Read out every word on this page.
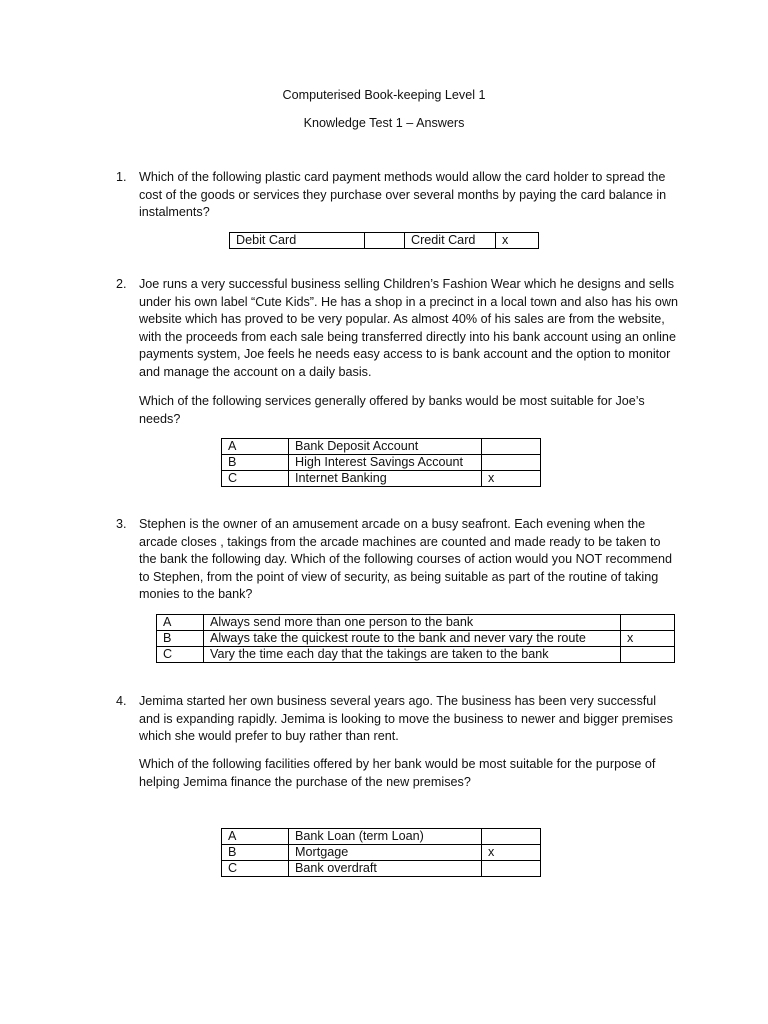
Computerised Book-keeping Level 1
Knowledge Test 1 – Answers
1. Which of the following plastic card payment methods would allow the card holder to spread the cost of the goods or services they purchase over several months by paying the card balance in instalments?
Debit Card		Credit Card	x
2. Joe runs a very successful business selling Children’s Fashion Wear which he designs and sells under his own label “Cute Kids”. He has a shop in a precinct in a local town and also has his own website which has proved to be very popular. As almost 40% of his sales are from the website, with the proceeds from each sale being transferred directly into his bank account using an online payments system, Joe feels he needs easy access to is bank account and the option to monitor and manage the account on a daily basis.
Which of the following services generally offered by banks would be most suitable for Joe’s needs?
A	Bank Deposit Account	
B	High Interest Savings Account	
C	Internet Banking	x
3. Stephen is the owner of an amusement arcade on a busy seafront. Each evening when the arcade closes , takings from the arcade machines are counted and made ready to be taken to the bank the following day. Which of the following courses of action would you NOT recommend to Stephen, from the point of view of security, as being suitable as part of the routine of taking monies to the bank?
A	Always send more than one person to the bank	
B	Always take the quickest route to the bank and never vary the route	x
C	Vary the time each day that the takings are taken to the bank	
4. Jemima started her own business several years ago. The business has been very successful and is expanding rapidly. Jemima is looking to move the business to newer and bigger premises which she would prefer to buy rather than rent.
Which of the following facilities offered by her bank would be most suitable for the purpose of helping Jemima finance the purchase of the new premises?
A	Bank Loan (term Loan)	
B	Mortgage	x
C	Bank overdraft	
